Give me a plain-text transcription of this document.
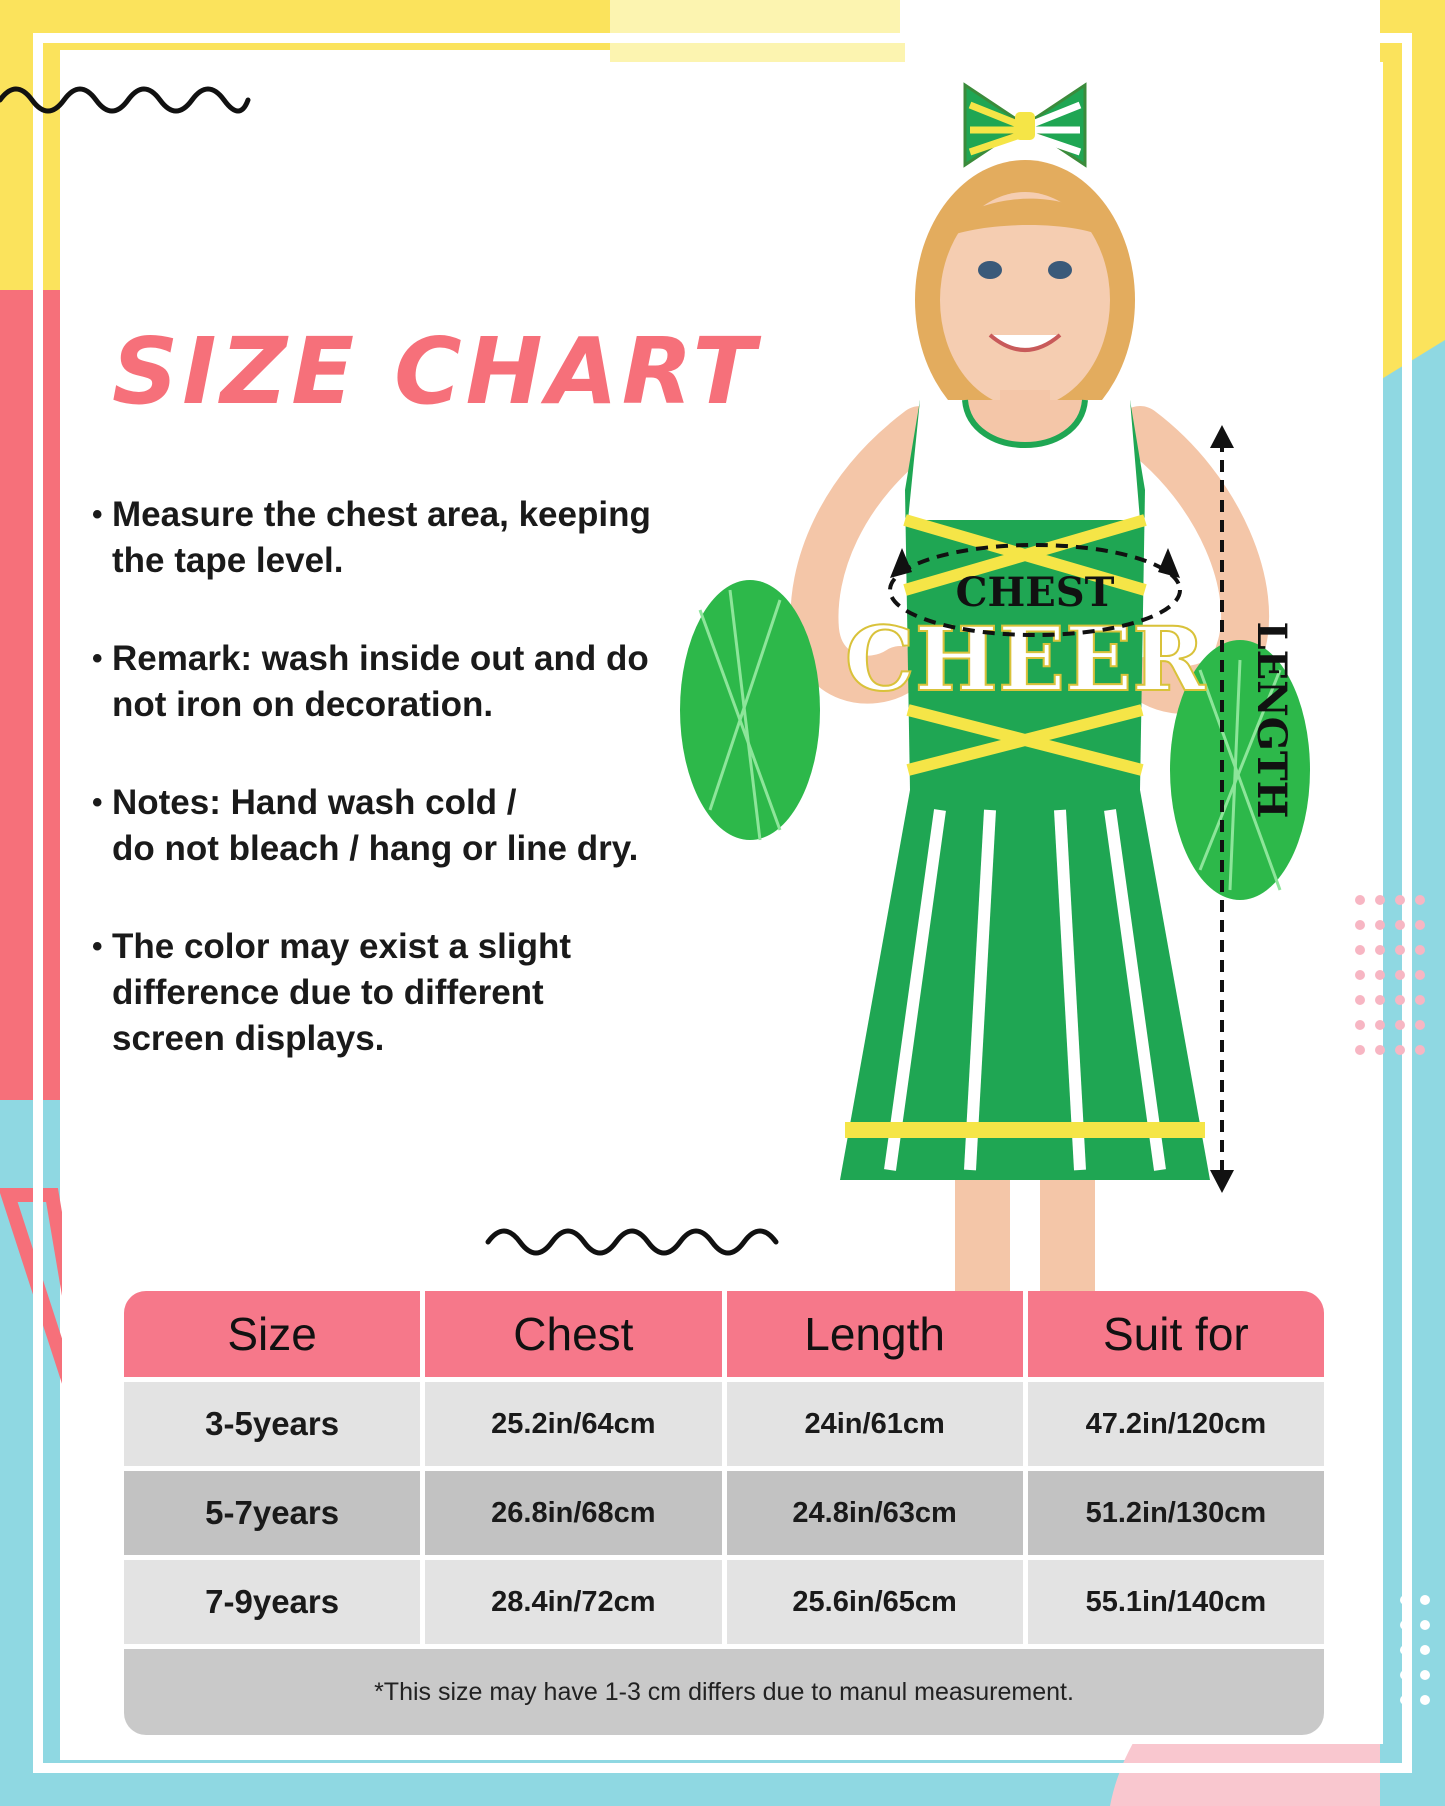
SIZE CHART
• Measure the chest area, keeping
the tape level.
• Remark: wash inside out and do
not iron on decoration.
• Notes: Hand wash cold /
do not bleach / hang or line dry.
• The color may exist a slight
difference due to different
screen displays.
CHEER
CHEST
LENGTH
Size	Chest	Length	Suit for
3-5years	25.2in/64cm	24in/61cm	47.2in/120cm
5-7years	26.8in/68cm	24.8in/63cm	51.2in/130cm
7-9years	28.4in/72cm	25.6in/65cm	55.1in/140cm
*This size may have 1-3 cm differs due to manul measurement.			
